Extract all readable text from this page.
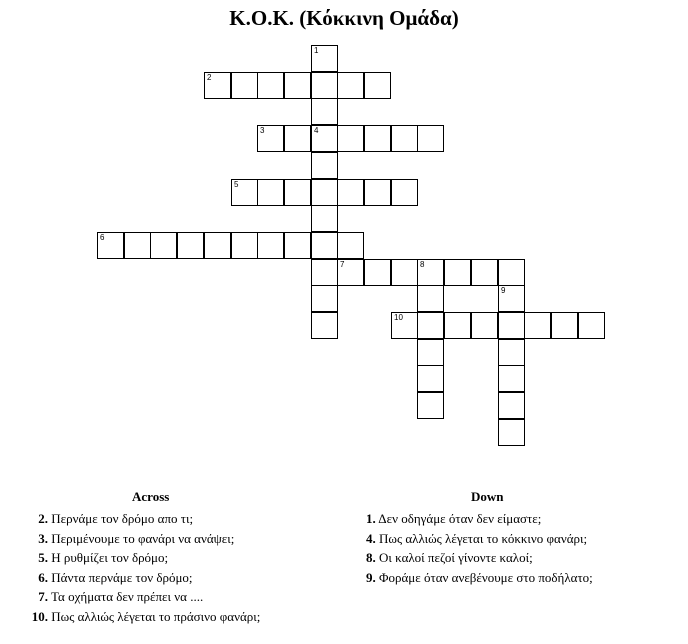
Κ.Ο.Κ. (Κόκκινη Ομάδα)
1
4
2
3
5
6
7	8
9
10
Across
2. Περνάμε τον δρόμο απο τι;
3. Περιμένουμε το φανάρι να ανάψει;
5. Η ρυθμίζει τον δρόμο;
6. Πάντα περνάμε τον δρόμο;
7. Τα οχήματα δεν πρέπει να ....
10. Πως αλλιώς λέγεται το πράσινο φανάρι;
Down
1. Δεν οδηγάμε όταν δεν είμαστε;
4. Πως αλλιώς λέγεται το κόκκινο φανάρι;
8. Οι καλοί πεζοί γίνοντε καλοί;
9. Φοράμε όταν ανεβένουμε στο ποδήλατο;
